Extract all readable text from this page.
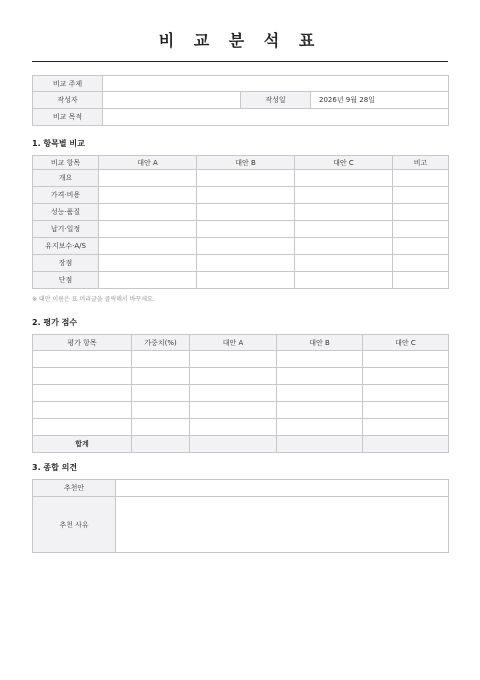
비 교 분 석 표
비교 주제			
작성자		작성일	2026년 9월 28일
비교 목적			
1. 항목별 비교
비교 항목	대안 A	대안 B	대안 C	비고
개요				
가격·비용				
성능·품질				
납기·일정				
유지보수·A/S				
장점				
단점				
※ 대안 이름은 표 머리글을 클릭해서 바꾸세요.
2. 평가 점수
평가 항목	가중치(%)	대안 A	대안 B	대안 C

합계				
3. 종합 의견
추천안	
추천 사유	
